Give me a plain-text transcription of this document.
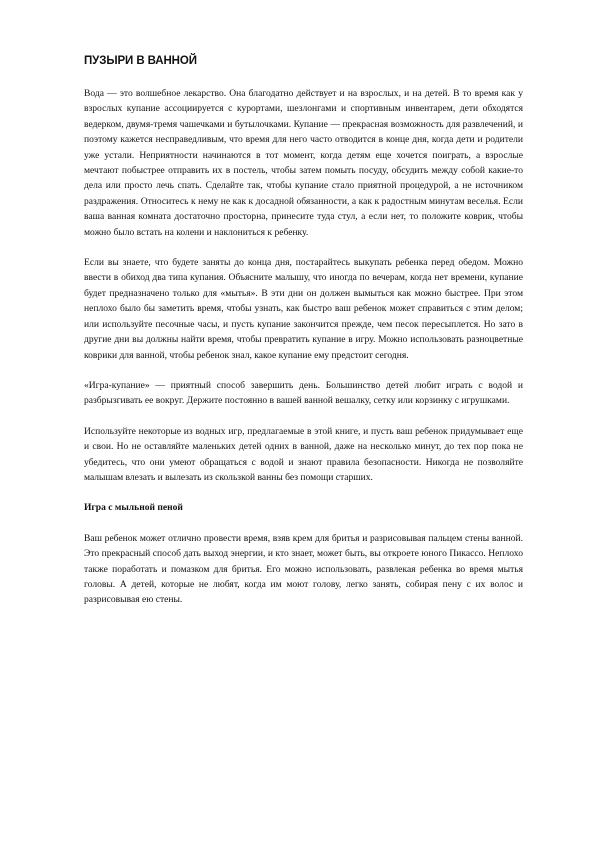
ПУЗЫРИ В ВАННОЙ

Вода — это волшебное лекарство. Она благодатно действует и на взрослых, и на детей. В то время как у взрослых купание ассоциируется с курортами, шезлонгами и спортивным инвентарем, дети обходятся ведерком, двумя-тремя чашечками и бутылочками. Купание — прекрасная возможность для развлечений, и поэтому кажется несправедливым, что время для него часто отводится в конце дня, когда дети и родители уже устали. Неприятности начинаются в тот момент, когда детям еще хочется поиграть, а взрослые мечтают побыстрее отправить их в постель, чтобы затем помыть посуду, обсудить между собой какие-то дела или просто лечь спать. Сделайте так, чтобы купание стало приятной процедурой, а не источником раздражения. Относитесь к нему не как к досадной обязанности, а как к радостным минутам веселья. Если ваша ванная комната достаточно просторна, принесите туда стул, а если нет, то положите коврик, чтобы можно было встать на колени и наклониться к ребенку.

Если вы знаете, что будете заняты до конца дня, постарайтесь выкупать ребенка перед обедом. Можно ввести в обиход два типа купания. Объясните малышу, что иногда по вечерам, когда нет времени, купание будет предназначено только для «мытья». В эти дни он должен вымыться как можно быстрее. При этом неплохо было бы заметить время, чтобы узнать, как быстро ваш ребенок может справиться с этим делом; или используйте песочные часы, и пусть купание закончится прежде, чем песок пересыплется. Но зато в другие дни вы должны найти время, чтобы превратить купание в игру. Можно использовать разноцветные коврики для ванной, чтобы ребенок знал, какое купание ему предстоит сегодня.

«Игра-купание» — приятный способ завершить день. Большинство детей любит играть с водой и разбрызгивать ее вокруг. Держите постоянно в вашей ванной вешалку, сетку или корзинку с игрушками.

Используйте некоторые из водных игр, предлагаемые в этой книге, и пусть ваш ребенок придумывает еще и свои. Но не оставляйте маленьких детей одних в ванной, даже на несколько минут, до тех пор пока не убедитесь, что они умеют обращаться с водой и знают правила безопасности. Никогда не позволяйте малышам влезать и вылезать из скользкой ванны без помощи старших.

Игра с мыльной пеной

Ваш ребенок может отлично провести время, взяв крем для бритья и разрисовывая пальцем стены ванной. Это прекрасный способ дать выход энергии, и кто знает, может быть, вы откроете юного Пикассо. Неплохо также поработать и помазком для бритья. Его можно использовать, развлекая ребенка во время мытья головы. А детей, которые не любят, когда им моют голову, легко занять, собирая пену с их волос и разрисовывая ею стены.
